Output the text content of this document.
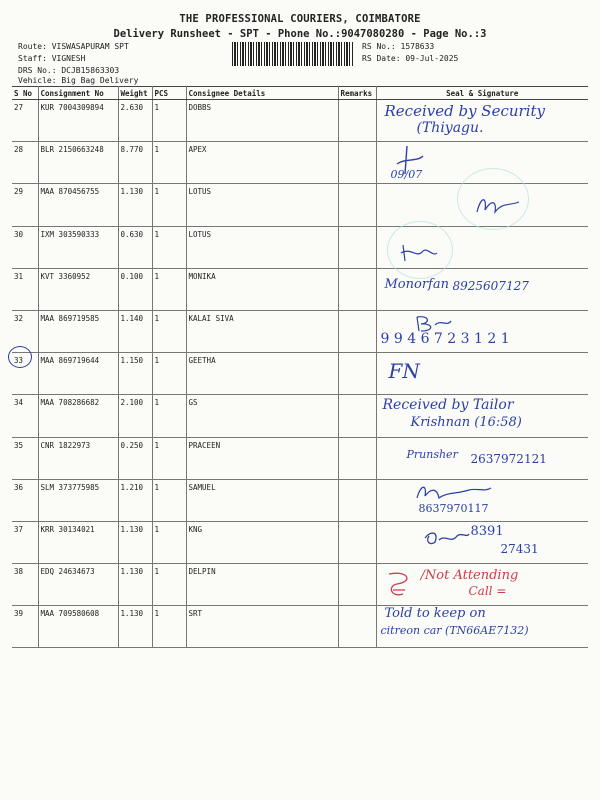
THE PROFESSIONAL COURIERS, COIMBATORE
Delivery Runsheet - SPT - Phone No.:9047080280 - Page No.:3
Route: VISWASAPURAM SPT
Staff: VIGNESH
DRS No.: DCJB15863303
Vehicle: Big Bag Delivery
RS No.: 1578633
RS Date: 09-Jul-2025
S No	Consignment No	Weight	PCS	Consignee Details	Remarks	Seal & Signature
27	KUR 7004309894	2.630	1	DOBBS		Received by Security
(Thiyagu.

28	BLR 2150663248	8.770	1	APEX		09/07

29	MAA 870456755	1.130	1	LOTUS		

30	IXM 303590333	0.630	1	LOTUS		

31	KVT 3360952	0.100	1	MONIKA		Monorfan 8925607127

32	MAA 869719585	1.140	1	KALAI SIVA		9 9 4 6 7 2 3 1 2 1

33	MAA 869719644	1.150	1	GEETHA		FN

34	MAA 708286682	2.100	1	GS		Received by Tailor
Krishnan (16:58)

35	CNR 1822973	0.250	1	PRACEEN		Prunsher 2637972121

36	SLM 373775985	1.210	1	SAMUEL		8637970117

37	KRR 30134021	1.130	1	KNG		8391
27431

38	EDQ 24634673	1.130	1	DELPIN		/Not Attending
Call =

39	MAA 709580608	1.130	1	SRT		Told to keep on
citreon car (TN66AE7132)
